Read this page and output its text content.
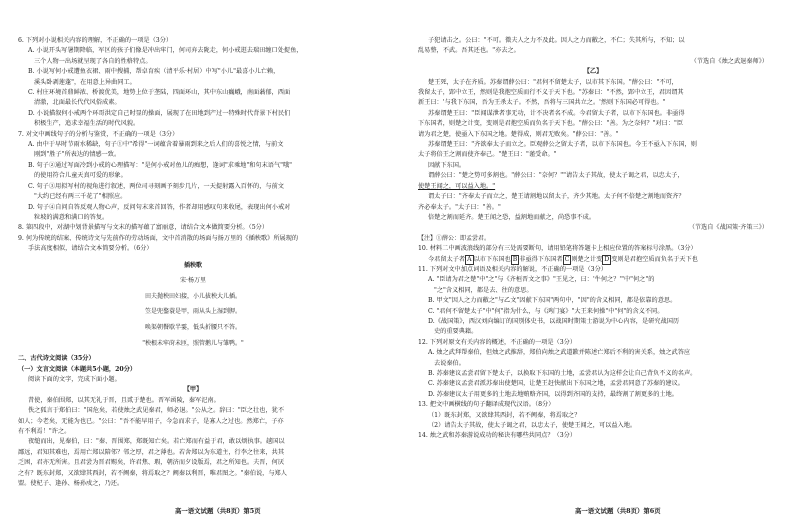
6. 下列对小说相关内容的理解，不正确的一项是（3分）

A. 小说开头写暑期降临，军区的孩子们像是冲出牢门，何司弃去陇走，何小戒逛去瑞田缠口处捉鱼，

三个人物一出场就呈现了各自的性格特点。

B. 小说写何小戒遭鱼衣裙、雨中搜捕，帮卓育疾（清平乐·村居）中写"小儿"最喜小儿亡赖，

溪头卧剥莲蓬"，在用意上异曲同工。

C. 村庄环境首鼎鲜浓、桥渡优美，地势上位于垄陆，四面环山，其中东山巍峨，南面蓊郁，西面

清澈，北面最长代代风俗成素。

D. 小说描叙何小戒两个环哥洪定自己时显的操面，展现了在田地到产过一特殊时代背景下村民们

积极生产，追求幸福生活的时代风貌。

7. 对文中画线句子的分析与鉴赏，不正确的一项是（3分）

A. 由中于早时节雨水稀缺，句子①中"希得"一词蕴含着暴雨到来之后人们的喜悦之情，与前文

刚到"胜子"所表达的情感一致。

B. 句子②通过写面冷到小戒的心理描写："是何小戒对鱼儿的痴想，逢词"求乘地"和句末语气"哦"

的使用符合儿童天真可爱的形象。

C. 句子③用拟写村的视角进行叙述，两位司寻刻画予刻步几片，一天提射露入百怀的，与前文

"大约已经有两三千花了"相照应。

D. 句子④自问自答反观人物心声，反问句末来首回答，作者却用感叹句来收尾，表现出何小戒对

粒坡的满意和满口的答复。

8. 第四段中，对湖中划背景描写与文末的描写蕴了富丽意，请结合文本做简要分析。（5分）

9. 何为传统的结案、传统诗文与先前作的劳动场面，文中首消散的场面与扬万里的《插秧歌》所展现的

手法高度相似，请结合文本简要分析。（6分）

插秧歌

宋·杨万里

田夫抛秧田妇接，小儿拔秧大儿插。

笠是兜鍪蓑是甲，雨从头上湿到胛。

唤渠朝餐歇半霎，低头折腰只不答。

"秧根未牢莳未匝，照管鹅儿与雏鸭。"

二、古代诗文阅读（35分）

（一）文言文阅读（本题共5小题，20分）

阅读下面的文字，完成下面小题。

【甲】

昔使，秦伯围郑，以其无礼于晋，且贰于楚也。晋军函陵，秦军氾南。

佚之狐言于郑伯曰："国危矣，若使烛之武见秦君，师必退。"公从之。辞曰："臣之壮也，犹不

如人；今老矣，无能为也已。"公曰："吾不能早用子，今急而求子，是寡人之过也。然郑亡，子亦

有不利焉！"许之。

夜缒而出，见秦伯，曰："秦、晋围郑，郑既知亡矣。若亡郑而有益于君，敢以烦执事。越国以

鄙远，君知其难也，焉用亡郑以陪邻？邻之厚，君之薄也。若舍郑以为东道主，行李之往来，共其

乏困，君亦无所害。且君尝为晋君赐矣，许君焦、瑕，朝济而夕设版焉，君之所知也。夫晋，何厌

之有？既东封郑，又欲肆其西封，若不阙秦，将焉取之？阙秦以利晋，唯君图之。"秦伯说，与郑人

盟。使杞子、逢孙、杨孙戍之，乃还。

子犯请击之。公曰："不可。微夫人之力不及此。因人之力而敝之，不仁；失其所与，不知；以

乱易整，不武。吾其还也。"亦去之。

（节选自《烛之武退秦师》）

【乙】

楚王死，太子在齐质。苏秦谓薛公曰："君何不留楚太子，以市其下东国。"薛公曰："不可，

我留太子，郢中立王，然则是我抱空质而行不义于天下也。"苏秦曰："不然，郢中立王，君因谓其

新王曰：'与我下东国，吾为王杀太子。不然，吾将与三国共立之。'然则下东国必可得也。"

苏秦谓楚王曰："臣闻谋泄者事无功，计不决者名不成。今君留太子者，以市下东国也。非亟得

下东国者，则楚之计变，变则是君抱空质而负名于天下也。"薛公曰："善。为之奈何？"对曰："臣

请为君之楚，使亟入下东国之地。楚得成，则君无败矣。"薛公曰："善。"

苏秦谓楚王曰："齐欲奉太子而立之。臣观薛公之留太子者，以市下东国也。今王不亟入下东国，则

太子将倍王之割而使齐奉己。"楚王曰："谨受命。"

因献下东国。

谓薛公曰："楚之势可多割也。"薛公曰："奈何？""请告太子其故，使太子谒之君，以忠太子，

使楚王闻之，可以益入地。"

谓太子曰："齐奉太子而立之，楚王请割地以留太子，齐少其地。太子何不倍楚之割地而资齐？

齐必奉太子。"太子曰："善。"

倍楚之割而延齐。楚王闻之恐，益割地而献之，尚恐事不成。

（节选自《战国策·齐策三》）

【注】①薛公：即孟尝君。

10. 材料二中画波浪线的部分有三处需要断句，请用铅笔将答题卡上相应位置的答案标号涂黑。（3分）

今君留太子者 A 以市下东国也 B 非亟得下东国者 C 则楚之计变 D 变则是君抱空质而负名于天下也

11. 下列对文中加点词语及相关内容的解说，不正确的一项是（3分）

A. "臣请为君之楚"中"之"与《齐桓晋文之事》"王见之，曰：'牛何之？'"中"何之"的

"之"含义相同，都是去、往的意思。

B. 甲文"因人之力而敝之"与乙文"因献下东国"两句中，"因"的含义相同，都是依靠的意思。

C. "君何不留楚太子"中"何"指为什么，与《鸿门宴》"大王来何操"中"何"的含义不同。

D.《战国策》，西汉刘向编订的国别体史书，以战国时期策士游说为中心内容，是研究战国历

史的重要典籍。

12. 下列对原文有关内容的概述，不正确的一项是（3分）

A. 烛之武拜帮秦伯，但烛之武推辞，郑伯向烛之武道歉并陈述亡郑后不利的害关系，烛之武答应

去说秦伯。

B. 苏秦建议孟尝君留下楚太子，以换取下东国的土地，孟尝君认为这样会让自己背负不义的名声。

C. 苏秦建议孟尝君派苏秦出使楚国，让楚王赶快献出下东国之地，孟尝君同意了苏秦的建议。

D. 苏秦建议太子用更多的土地去地贿赂齐国，以得到齐国的支持，最终割了割更多的土地。

13. 把文中画横线的句子翻译成现代汉语。（8分）

（1）既东封郑，又欲肆其西封，若不阙秦，将焉取之？

（2）请告太子其故，使太子谒之君，以忠太子，使楚王闻之，可以益入地。

14. 烛之武和苏秦游说成功的秘诀有哪些共同点？（3分）

高一语文试题（共8页）第5页	高一语文试题（共8页）第6页
